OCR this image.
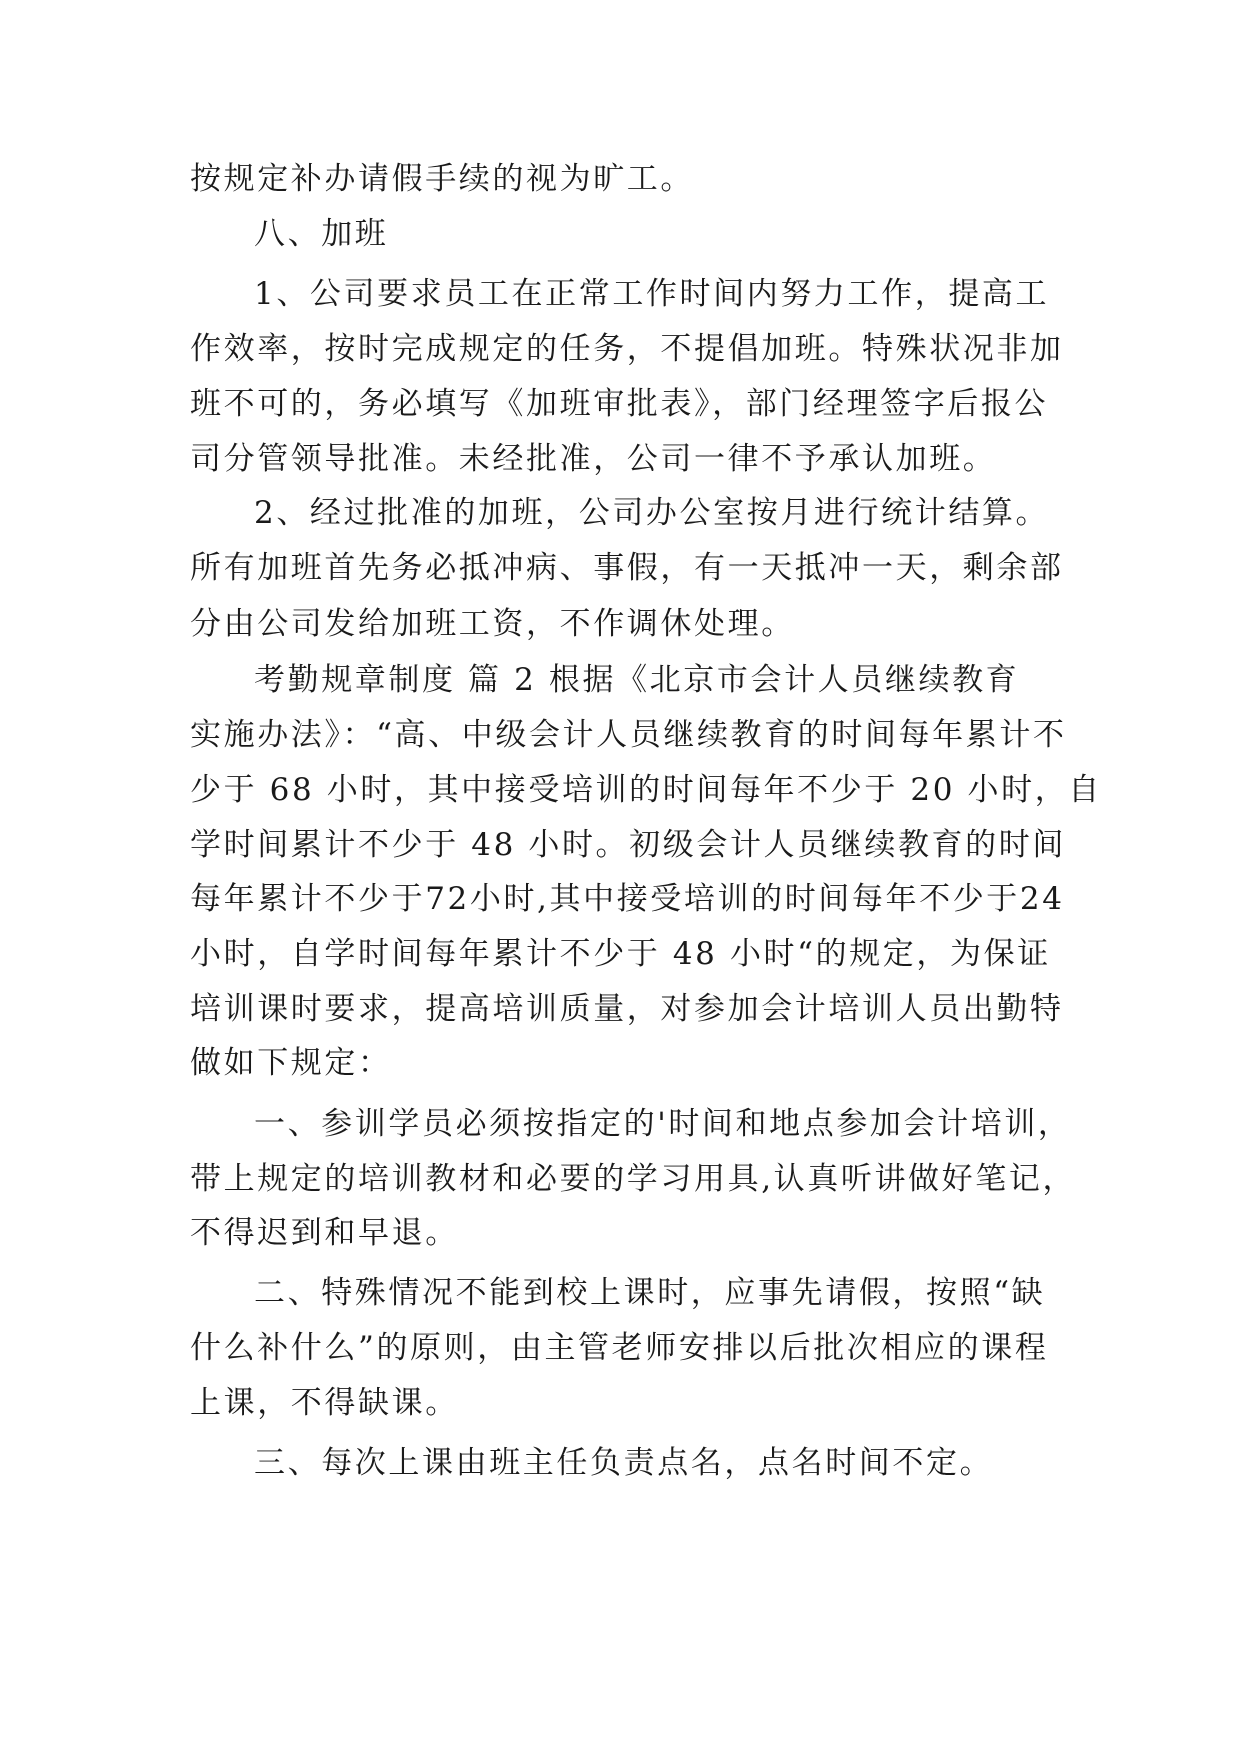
按规定补办请假手续的视为旷工。
八、加班
1、公司要求员工在正常工作时间内努力工作，提高工
作效率，按时完成规定的任务，不提倡加班。特殊状况非加
班不可的，务必填写《加班审批表》，部门经理签字后报公
司分管领导批准。未经批准，公司一律不予承认加班。
2、经过批准的加班，公司办公室按月进行统计结算。
所有加班首先务必抵冲病、事假，有一天抵冲一天，剩余部
分由公司发给加班工资，不作调休处理。
考勤规章制度 篇 2 根据《北京市会计人员继续教育
实施办法》：“高、中级会计人员继续教育的时间每年累计不
少于 68 小时，其中接受培训的时间每年不少于 20 小时，自
学时间累计不少于 48 小时。初级会计人员继续教育的时间
每年累计不少于72小时,其中接受培训的时间每年不少于24
小时，自学时间每年累计不少于 48 小时“的规定，为保证
培训课时要求，提高培训质量，对参加会计培训人员出勤特
做如下规定：
一、参训学员必须按指定的'时间和地点参加会计培训，
带上规定的培训教材和必要的学习用具,认真听讲做好笔记，
不得迟到和早退。
二、特殊情况不能到校上课时，应事先请假，按照“缺
什么补什么”的原则，由主管老师安排以后批次相应的课程
上课，不得缺课。
三、每次上课由班主任负责点名，点名时间不定。
